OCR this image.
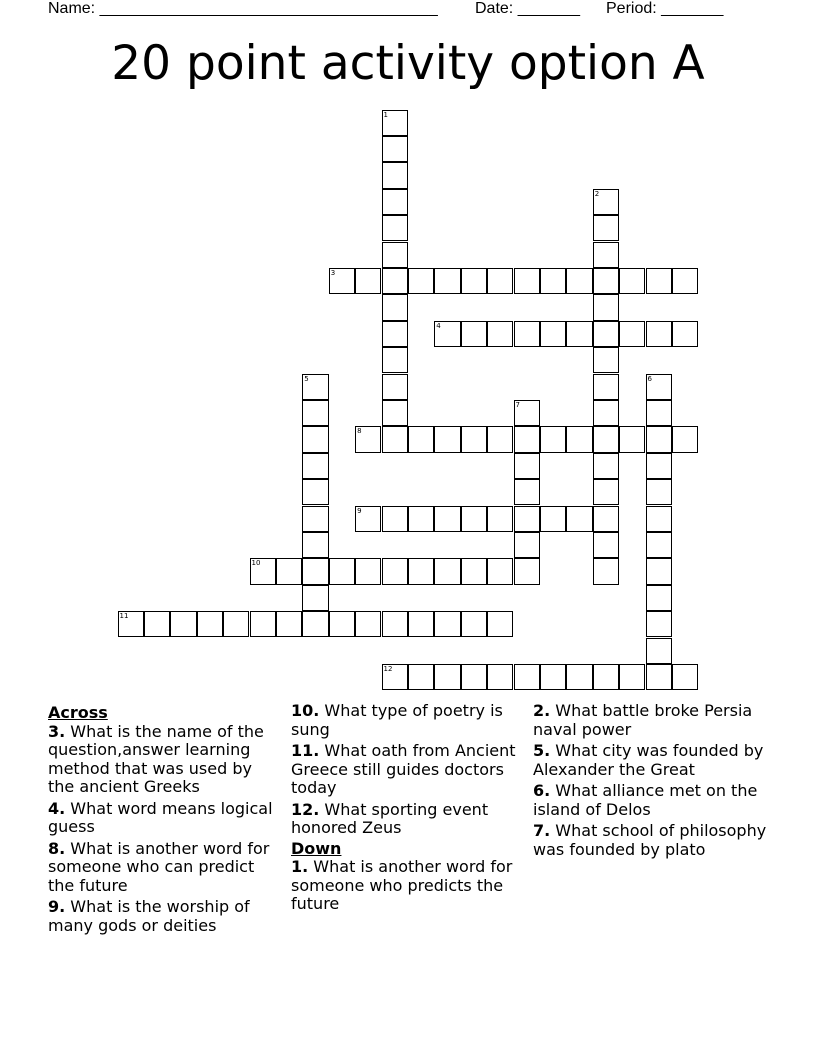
Name: ______________________________________ Date: _______ Period: _______
20 point activity option A
1
2
3
4
5	6
7
8
9
10
11
12

Across

3. What is the name of the question,answer learning method that was used by the ancient Greeks

4. What word means logical guess

8. What is another word for someone who can predict the future

9. What is the worship of many gods or deities

10. What type of poetry is sung

11. What oath from Ancient Greece still guides doctors today

12. What sporting event honored Zeus

Down

1. What is another word for someone who predicts the future

2. What battle broke Persia naval power

5. What city was founded by Alexander the Great

6. What alliance met on the island of Delos

7. What school of philosophy was founded by plato
